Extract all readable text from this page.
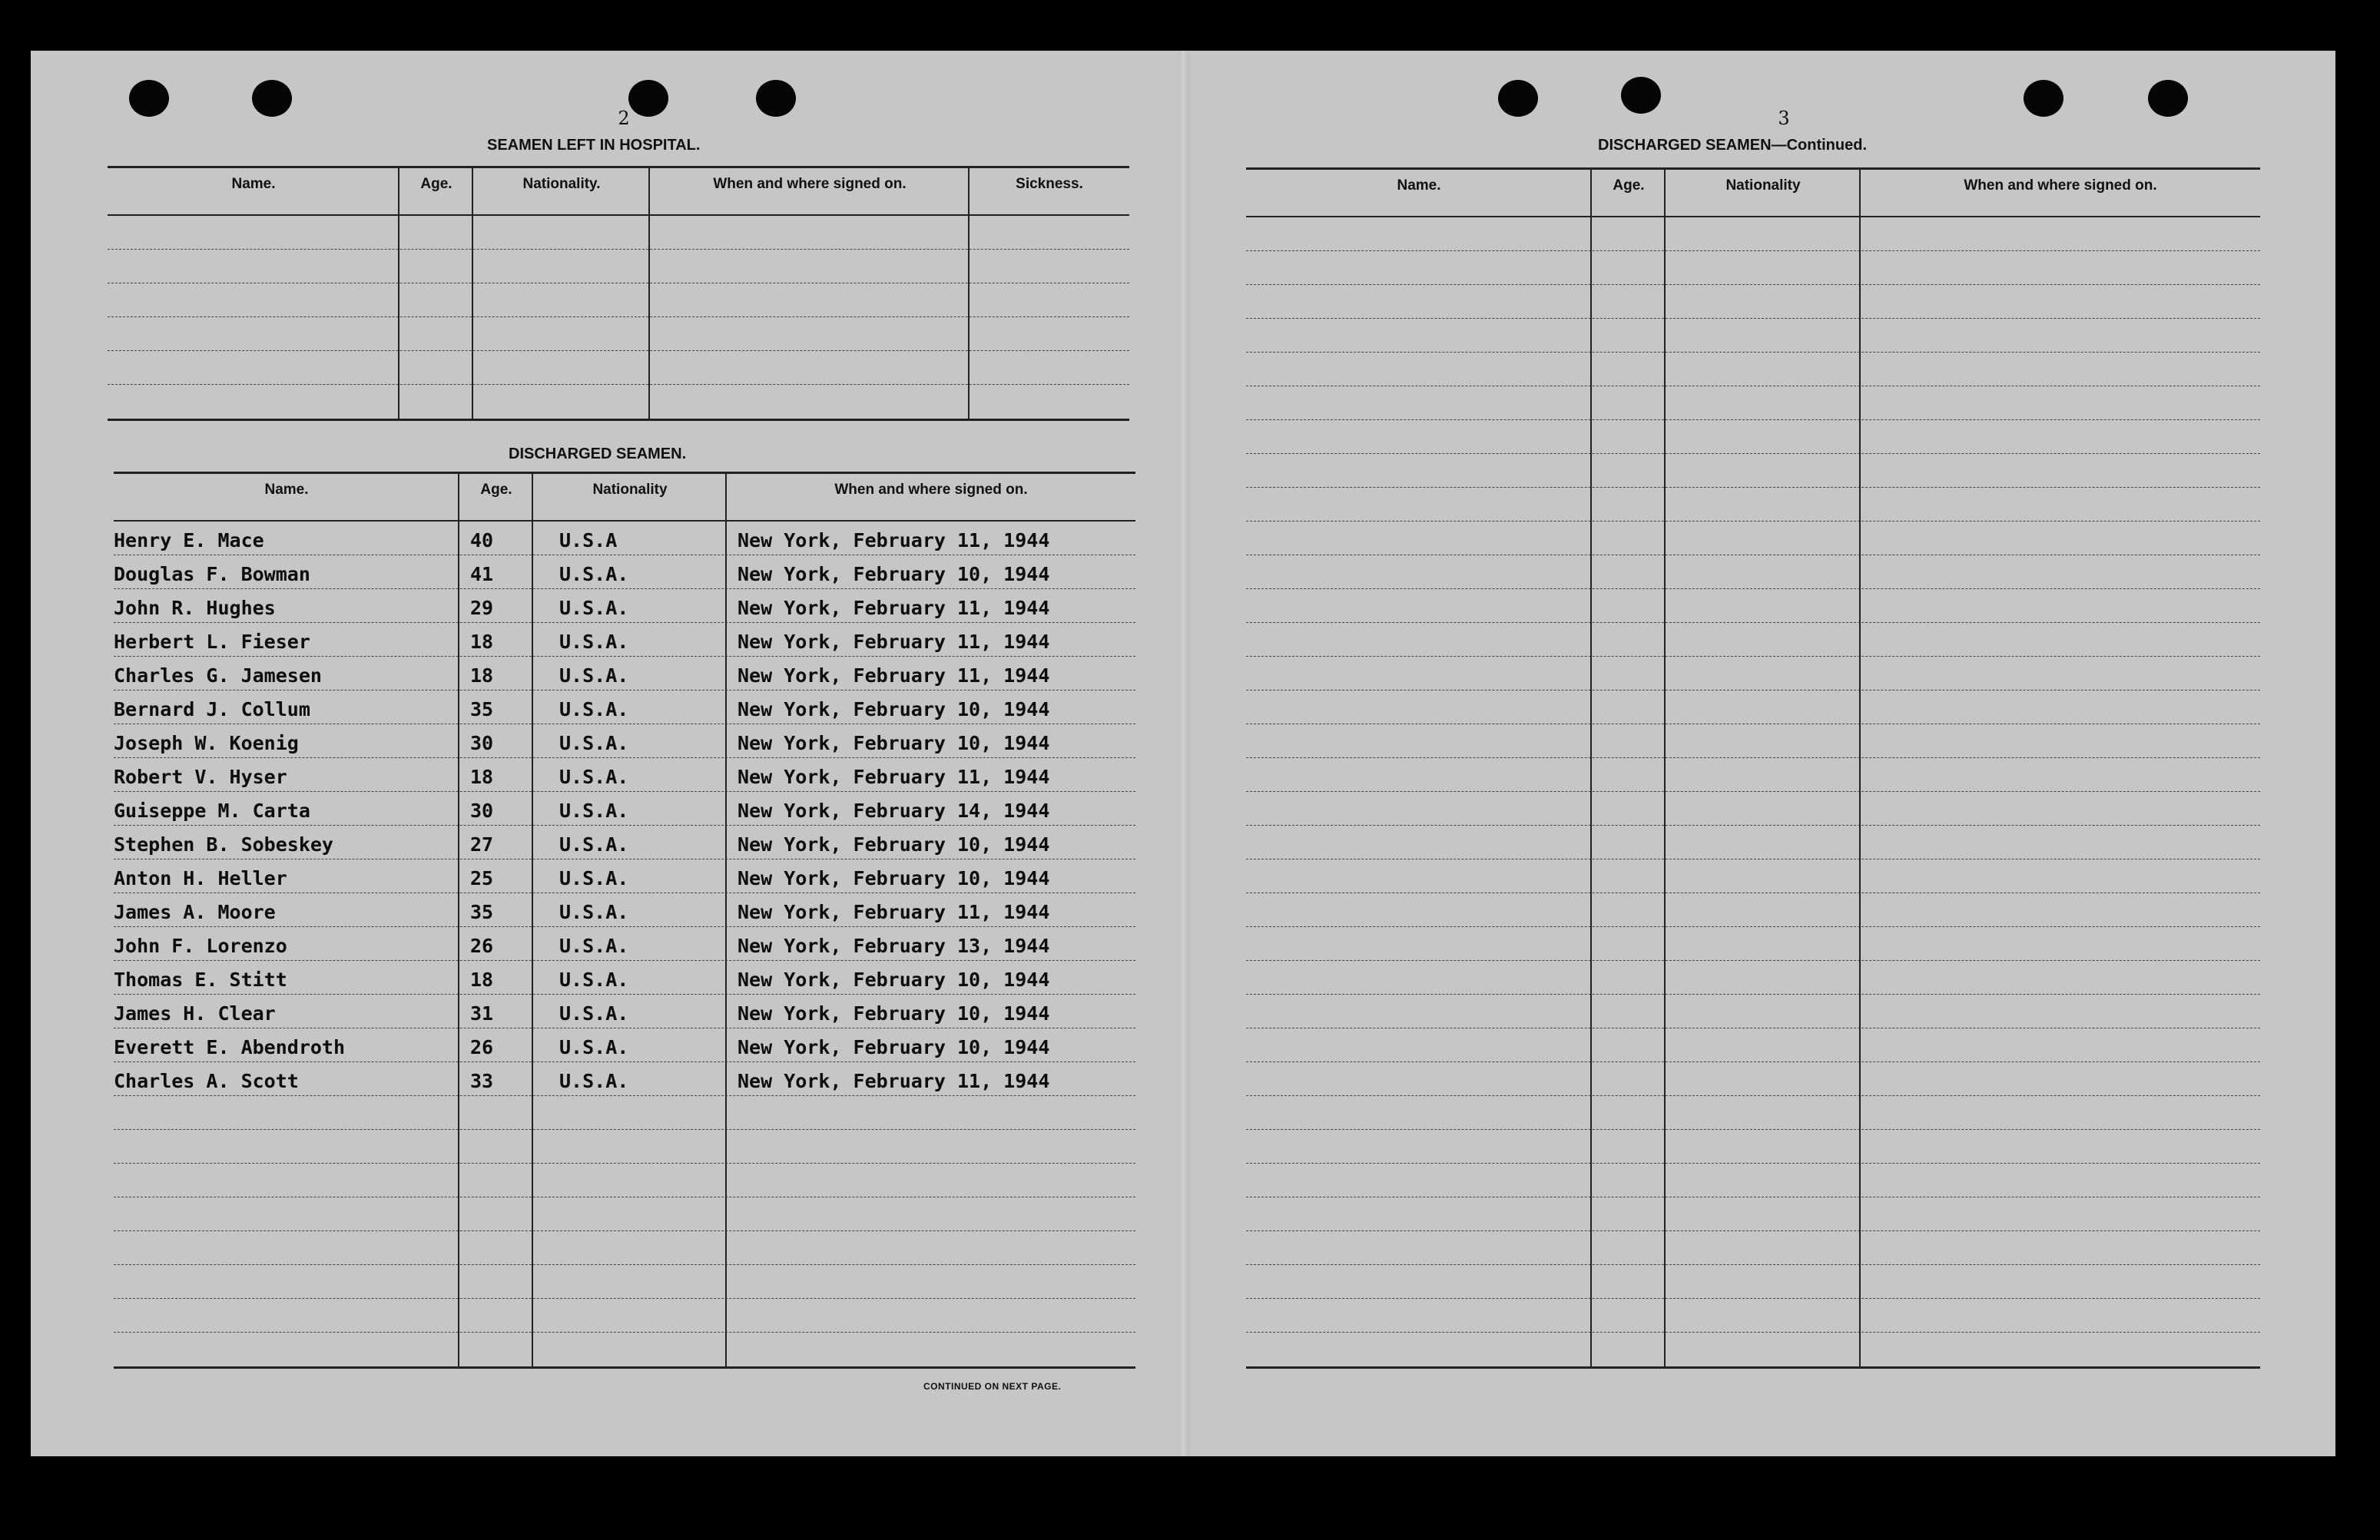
2
SEAMEN LEFT IN HOSPITAL.
Name.	Age.	Nationality.	When and where signed on.	Sickness.
DISCHARGED SEAMEN.
Name.	Age.	Nationality	When and where signed on.
Henry E. Mace	40	U.S.A	New York, February 11, 1944
Douglas F. Bowman	41	U.S.A.	New York, February 10, 1944
John R. Hughes	29	U.S.A.	New York, February 11, 1944
Herbert L. Fieser	18	U.S.A.	New York, February 11, 1944
Charles G. Jamesen	18	U.S.A.	New York, February 11, 1944
Bernard J. Collum	35	U.S.A.	New York, February 10, 1944
Joseph W. Koenig	30	U.S.A.	New York, February 10, 1944
Robert V. Hyser	18	U.S.A.	New York, February 11, 1944
Guiseppe M. Carta	30	U.S.A.	New York, February 14, 1944
Stephen B. Sobeskey	27	U.S.A.	New York, February 10, 1944
Anton H. Heller	25	U.S.A.	New York, February 10, 1944
James A. Moore	35	U.S.A.	New York, February 11, 1944
John F. Lorenzo	26	U.S.A.	New York, February 13, 1944
Thomas E. Stitt	18	U.S.A.	New York, February 10, 1944
James H. Clear	31	U.S.A.	New York, February 10, 1944
Everett E. Abendroth	26	U.S.A.	New York, February 10, 1944
Charles A. Scott	33	U.S.A.	New York, February 11, 1944
CONTINUED ON NEXT PAGE.
3
DISCHARGED SEAMEN—Continued.
Name.	Age.	Nationality	When and where signed on.
